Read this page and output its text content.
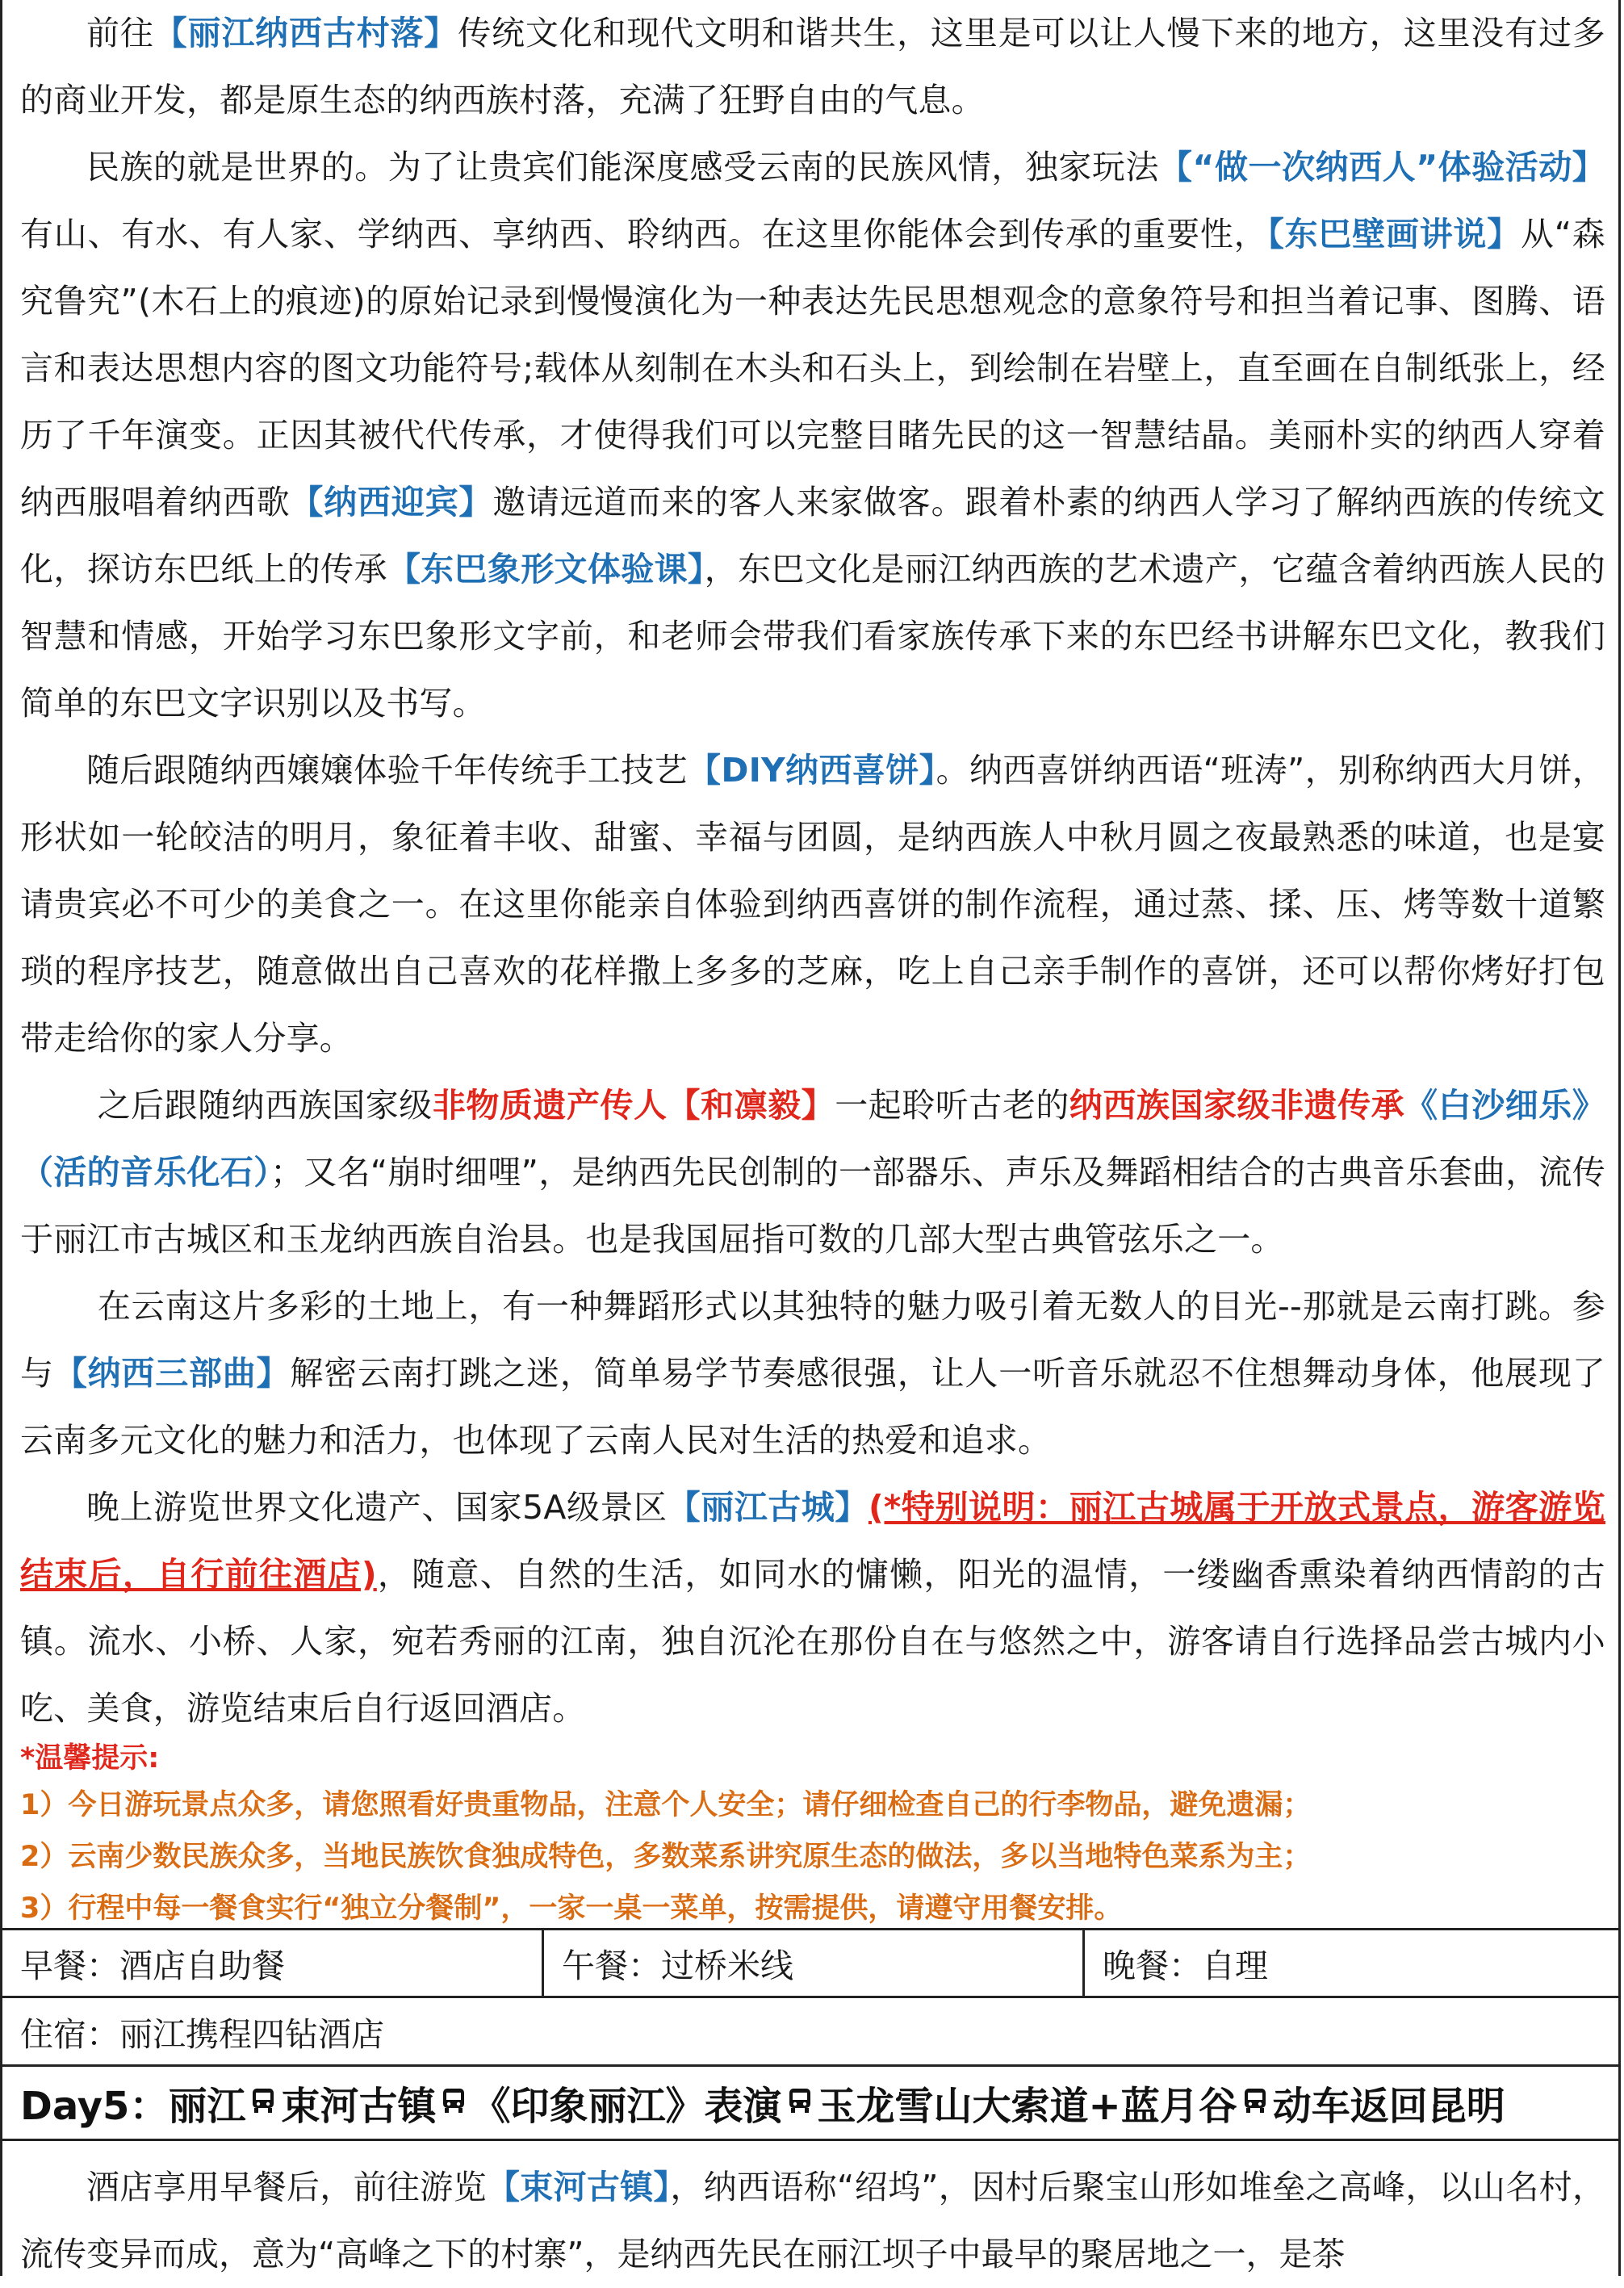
前往【丽江纳西古村落】传统文化和现代文明和谐共生，这里是可以让人慢下来的地方，这里没有过多的商业开发，都是原生态的纳西族村落，充满了狂野自由的气息。

民族的就是世界的。为了让贵宾们能深度感受云南的民族风情，独家玩法【“做一次纳西人”体验活动】有山、有水、有人家、学纳西、享纳西、聆纳西。在这里你能体会到传承的重要性，【东巴壁画讲说】从“森究鲁究”(木石上的痕迹)的原始记录到慢慢演化为一种表达先民思想观念的意象符号和担当着记事、图腾、语言和表达思想内容的图文功能符号;载体从刻制在木头和石头上，到绘制在岩壁上，直至画在自制纸张上，经历了千年演变。正因其被代代传承，才使得我们可以完整目睹先民的这一智慧结晶。美丽朴实的纳西人穿着纳西服唱着纳西歌【纳西迎宾】邀请远道而来的客人来家做客。跟着朴素的纳西人学习了解纳西族的传统文化，探访东巴纸上的传承【东巴象形文体验课】，东巴文化是丽江纳西族的艺术遗产，它蕴含着纳西族人民的智慧和情感，开始学习东巴象形文字前，和老师会带我们看家族传承下来的东巴经书讲解东巴文化，教我们简单的东巴文字识别以及书写。

随后跟随纳西嬢嬢体验千年传统手工技艺【DIY纳西喜饼】。纳西喜饼纳西语“班涛”，别称纳西大月饼，形状如一轮皎洁的明月，象征着丰收、甜蜜、幸福与团圆，是纳西族人中秋月圆之夜最熟悉的味道，也是宴请贵宾必不可少的美食之一。在这里你能亲自体验到纳西喜饼的制作流程，通过蒸、揉、压、烤等数十道繁琐的程序技艺，随意做出自己喜欢的花样撒上多多的芝麻，吃上自己亲手制作的喜饼，还可以帮你烤好打包带走给你的家人分享。

之后跟随纳西族国家级非物质遗产传人【和凛毅】一起聆听古老的纳西族国家级非遗传承《白沙细乐》（活的音乐化石）；又名“崩时细哩”，是纳西先民创制的一部器乐、声乐及舞蹈相结合的古典音乐套曲，流传于丽江市古城区和玉龙纳西族自治县。也是我国屈指可数的几部大型古典管弦乐之一。

在云南这片多彩的土地上，有一种舞蹈形式以其独特的魅力吸引着无数人的目光--那就是云南打跳。参与【纳西三部曲】解密云南打跳之迷，简单易学节奏感很强，让人一听音乐就忍不住想舞动身体，他展现了云南多元文化的魅力和活力，也体现了云南人民对生活的热爱和追求。

晚上游览世界文化遗产、国家5A级景区【丽江古城】(*特别说明：丽江古城属于开放式景点，游客游览结束后，自行前往酒店)，随意、自然的生活，如同水的慵懒，阳光的温情，一缕幽香熏染着纳西情韵的古镇。流水、小桥、人家，宛若秀丽的江南，独自沉沦在那份自在与悠然之中，游客请自行选择品尝古城内小吃、美食，游览结束后自行返回酒店。

*温馨提示:
1）今日游玩景点众多，请您照看好贵重物品，注意个人安全；请仔细检查自己的行李物品，避免遗漏；
2）云南少数民族众多，当地民族饮食独成特色，多数菜系讲究原生态的做法，多以当地特色菜系为主；
3）行程中每一餐食实行“独立分餐制”，一家一桌一菜单，按需提供，请遵守用餐安排。
早餐：酒店自助餐	午餐：过桥米线	晚餐：自理
住宿：丽江携程四钻酒店
Day5： 丽江 束河古镇 《印象丽江》表演 玉龙雪山大索道+蓝月谷 动车返回昆明

酒店享用早餐后，前往游览【束河古镇】，纳西语称“绍坞”，因村后聚宝山形如堆垒之高峰，以山名村，流传变异而成，意为“高峰之下的村寨”，是纳西先民在丽江坝子中最早的聚居地之一，是茶
